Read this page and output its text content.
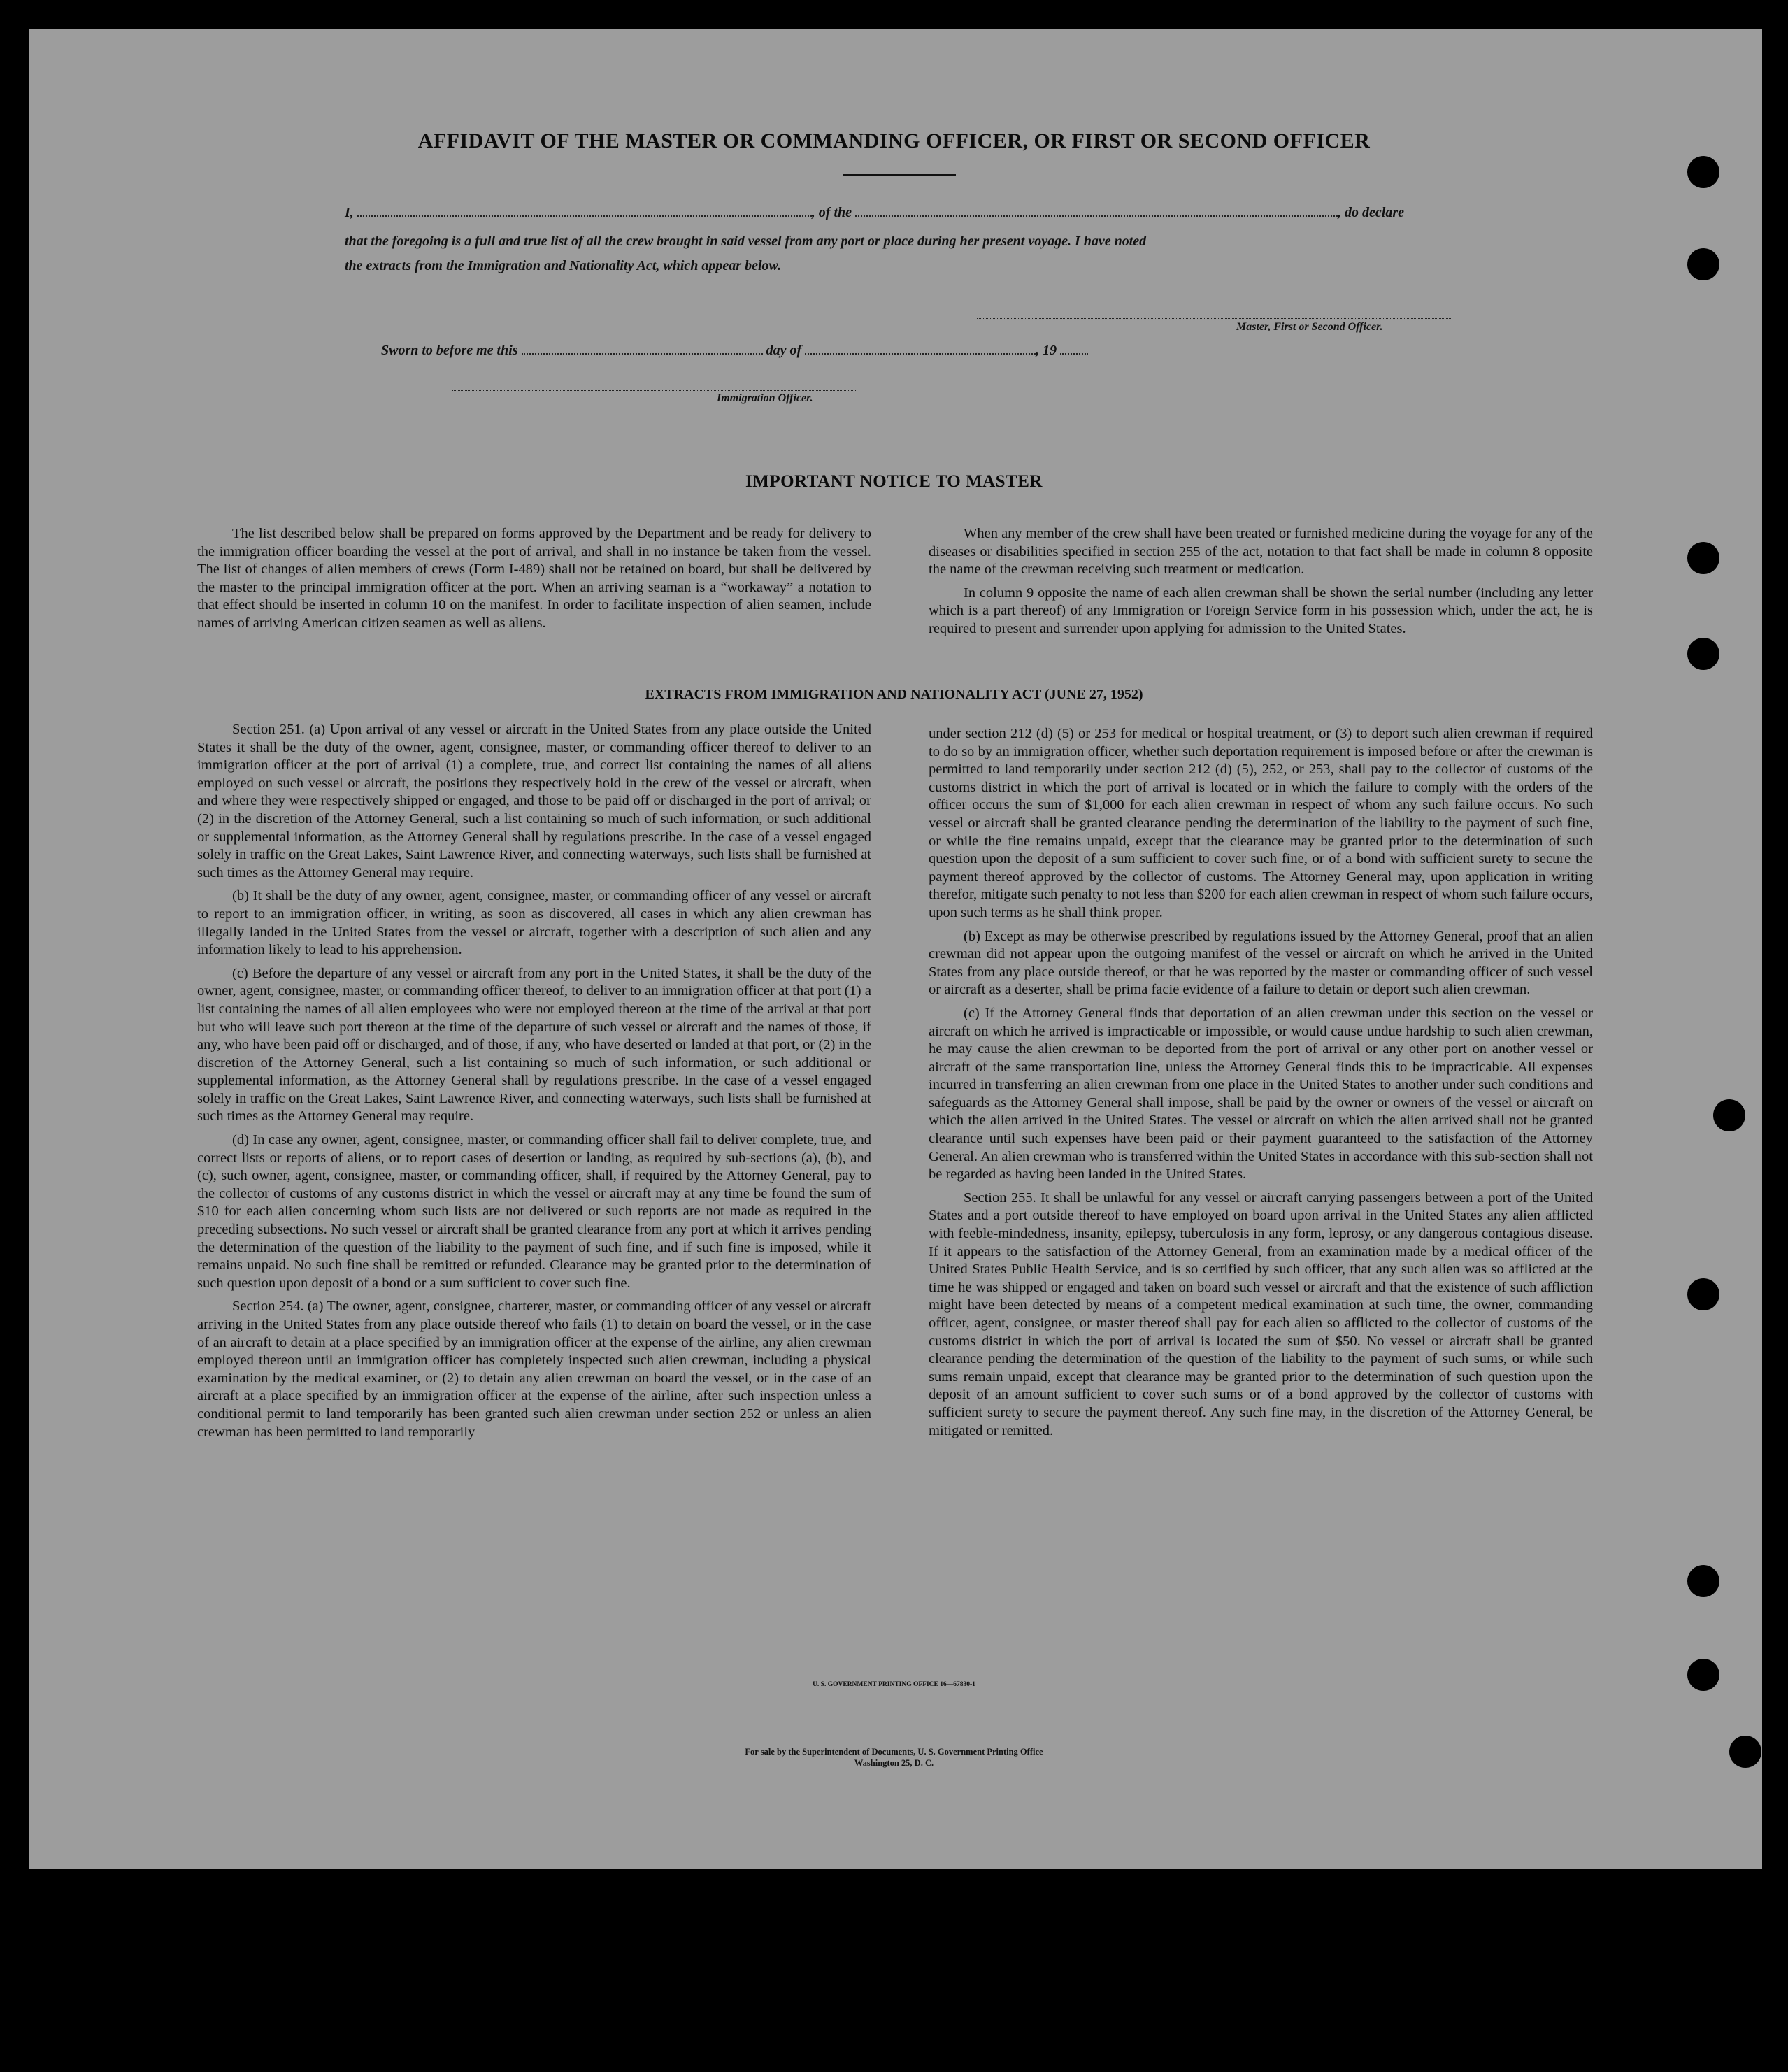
AFFIDAVIT OF THE MASTER OR COMMANDING OFFICER, OR FIRST OR SECOND OFFICER
I,	, of the	, do declare
that the foregoing is a full and true list of all the crew brought in said vessel from any port or place during her present voyage. I have noted
the extracts from the Immigration and Nationality Act, which appear below.
Master, First or Second Officer.
Sworn to before me this	day of	, 19
Immigration Officer.
IMPORTANT NOTICE TO MASTER

The list described below shall be prepared on forms approved by the Department and be ready for delivery to the immigration officer boarding the vessel at the port of arrival, and shall in no instance be taken from the vessel. The list of changes of alien members of crews (Form I-489) shall not be retained on board, but shall be delivered by the master to the principal immigration officer at the port. When an arriving seaman is a “workaway” a notation to that effect should be inserted in column 10 on the manifest. In order to facilitate inspection of alien seamen, include names of arriving American citizen seamen as well as aliens.

When any member of the crew shall have been treated or furnished medicine during the voyage for any of the diseases or disabilities specified in section 255 of the act, notation to that fact shall be made in column 8 opposite the name of the crewman receiving such treatment or medication.

In column 9 opposite the name of each alien crewman shall be shown the serial number (including any letter which is a part thereof) of any Immigration or Foreign Service form in his possession which, under the act, he is required to present and surrender upon applying for admission to the United States.

EXTRACTS FROM IMMIGRATION AND NATIONALITY ACT (JUNE 27, 1952)

Section 251. (a) Upon arrival of any vessel or aircraft in the United States from any place outside the United States it shall be the duty of the owner, agent, consignee, master, or commanding officer thereof to deliver to an immigration officer at the port of arrival (1) a complete, true, and correct list containing the names of all aliens employed on such vessel or aircraft, the positions they respectively hold in the crew of the vessel or aircraft, when and where they were respectively shipped or engaged, and those to be paid off or discharged in the port of arrival; or (2) in the discretion of the Attorney General, such a list containing so much of such information, or such additional or supplemental information, as the Attorney General shall by regulations prescribe. In the case of a vessel engaged solely in traffic on the Great Lakes, Saint Lawrence River, and connecting waterways, such lists shall be furnished at such times as the Attorney General may require.

(b) It shall be the duty of any owner, agent, consignee, master, or commanding officer of any vessel or aircraft to report to an immigration officer, in writing, as soon as discovered, all cases in which any alien crewman has illegally landed in the United States from the vessel or aircraft, together with a description of such alien and any information likely to lead to his apprehension.

(c) Before the departure of any vessel or aircraft from any port in the United States, it shall be the duty of the owner, agent, consignee, master, or commanding officer thereof, to deliver to an immigration officer at that port (1) a list containing the names of all alien employees who were not employed thereon at the time of the arrival at that port but who will leave such port thereon at the time of the departure of such vessel or aircraft and the names of those, if any, who have been paid off or discharged, and of those, if any, who have deserted or landed at that port, or (2) in the discretion of the Attorney General, such a list containing so much of such information, or such additional or supplemental information, as the Attorney General shall by regulations prescribe. In the case of a vessel engaged solely in traffic on the Great Lakes, Saint Lawrence River, and connecting waterways, such lists shall be furnished at such times as the Attorney General may require.

(d) In case any owner, agent, consignee, master, or commanding officer shall fail to deliver complete, true, and correct lists or reports of aliens, or to report cases of desertion or landing, as required by sub-sections (a), (b), and (c), such owner, agent, consignee, master, or commanding officer, shall, if required by the Attorney General, pay to the collector of customs of any customs district in which the vessel or aircraft may at any time be found the sum of $10 for each alien concerning whom such lists are not delivered or such reports are not made as required in the preceding subsections. No such vessel or aircraft shall be granted clearance from any port at which it arrives pending the determination of the question of the liability to the payment of such fine, and if such fine is imposed, while it remains unpaid. No such fine shall be remitted or refunded. Clearance may be granted prior to the determination of such question upon deposit of a bond or a sum sufficient to cover such fine.

Section 254. (a) The owner, agent, consignee, charterer, master, or commanding officer of any vessel or aircraft arriving in the United States from any place outside thereof who fails (1) to detain on board the vessel, or in the case of an aircraft to detain at a place specified by an immigration officer at the expense of the airline, any alien crewman employed thereon until an immigration officer has completely inspected such alien crewman, including a physical examination by the medical examiner, or (2) to detain any alien crewman on board the vessel, or in the case of an aircraft at a place specified by an immigration officer at the expense of the airline, after such inspection unless a conditional permit to land temporarily has been granted such alien crewman under section 252 or unless an alien crewman has been permitted to land temporarily

under section 212 (d) (5) or 253 for medical or hospital treatment, or (3) to deport such alien crewman if required to do so by an immigration officer, whether such deportation requirement is imposed before or after the crewman is permitted to land temporarily under section 212 (d) (5), 252, or 253, shall pay to the collector of customs of the customs district in which the port of arrival is located or in which the failure to comply with the orders of the officer occurs the sum of $1,000 for each alien crewman in respect of whom any such failure occurs. No such vessel or aircraft shall be granted clearance pending the determination of the liability to the payment of such fine, or while the fine remains unpaid, except that the clearance may be granted prior to the determination of such question upon the deposit of a sum sufficient to cover such fine, or of a bond with sufficient surety to secure the payment thereof approved by the collector of customs. The Attorney General may, upon application in writing therefor, mitigate such penalty to not less than $200 for each alien crewman in respect of whom such failure occurs, upon such terms as he shall think proper.

(b) Except as may be otherwise prescribed by regulations issued by the Attorney General, proof that an alien crewman did not appear upon the outgoing manifest of the vessel or aircraft on which he arrived in the United States from any place outside thereof, or that he was reported by the master or commanding officer of such vessel or aircraft as a deserter, shall be prima facie evidence of a failure to detain or deport such alien crewman.

(c) If the Attorney General finds that deportation of an alien crewman under this section on the vessel or aircraft on which he arrived is impracticable or impossible, or would cause undue hardship to such alien crewman, he may cause the alien crewman to be deported from the port of arrival or any other port on another vessel or aircraft of the same transportation line, unless the Attorney General finds this to be impracticable. All expenses incurred in transferring an alien crewman from one place in the United States to another under such conditions and safeguards as the Attorney General shall impose, shall be paid by the owner or owners of the vessel or aircraft on which the alien arrived in the United States. The vessel or aircraft on which the alien arrived shall not be granted clearance until such expenses have been paid or their payment guaranteed to the satisfaction of the Attorney General. An alien crewman who is transferred within the United States in accordance with this sub-section shall not be regarded as having been landed in the United States.

Section 255. It shall be unlawful for any vessel or aircraft carrying passengers between a port of the United States and a port outside thereof to have employed on board upon arrival in the United States any alien afflicted with feeble-mindedness, insanity, epilepsy, tuberculosis in any form, leprosy, or any dangerous contagious disease. If it appears to the satisfaction of the Attorney General, from an examination made by a medical officer of the United States Public Health Service, and is so certified by such officer, that any such alien was so afflicted at the time he was shipped or engaged and taken on board such vessel or aircraft and that the existence of such affliction might have been detected by means of a competent medical examination at such time, the owner, commanding officer, agent, consignee, or master thereof shall pay for each alien so afflicted to the collector of customs of the customs district in which the port of arrival is located the sum of $50. No vessel or aircraft shall be granted clearance pending the determination of the question of the liability to the payment of such sums, or while such sums remain unpaid, except that clearance may be granted prior to the determination of such question upon the deposit of an amount sufficient to cover such sums or of a bond approved by the collector of customs with sufficient surety to secure the payment thereof. Any such fine may, in the discretion of the Attorney General, be mitigated or remitted.

U. S. GOVERNMENT PRINTING OFFICE 16—67830-1
For sale by the Superintendent of Documents, U. S. Government Printing Office
Washington 25, D. C.
